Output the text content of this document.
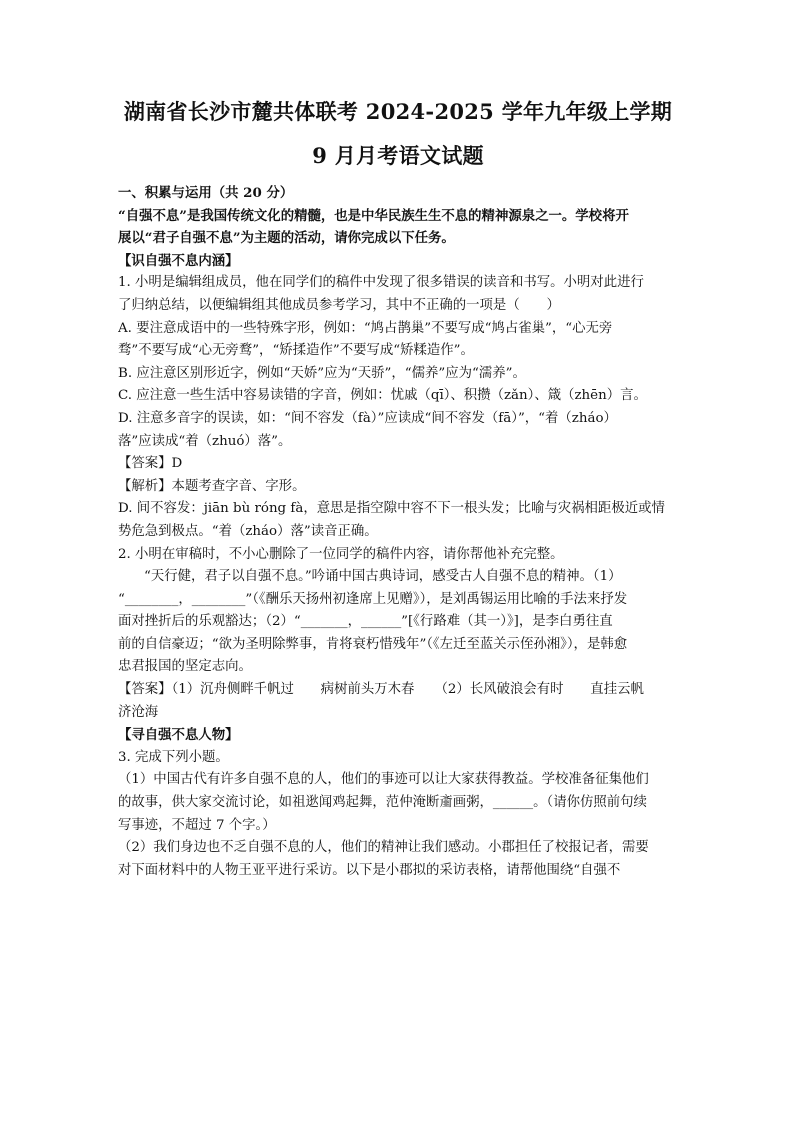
湖南省长沙市麓共体联考 2024-2025 学年九年级上学期
9 月月考语文试题

一、积累与运用（共 20 分）

“自强不息”是我国传统文化的精髓，也是中华民族生生不息的精神源泉之一。学校将开

展以“君子自强不息”为主题的活动，请你完成以下任务。

【识自强不息内涵】

1. 小明是编辑组成员，他在同学们的稿件中发现了很多错误的读音和书写。小明对此进行

了归纳总结，以便编辑组其他成员参考学习，其中不正确的一项是（　　）

A. 要注意成语中的一些特殊字形，例如：“鸠占鹊巢”不要写成“鸠占雀巢”，“心无旁

骛”不要写成“心无旁鹜”，“矫揉造作”不要写成“矫糅造作”。

B. 应注意区别形近字，例如“天娇”应为“天骄”，“儒养”应为“濡养”。

C. 应注意一些生活中容易读错的字音，例如：忧戚（qī）、积攒（zǎn）、箴（zhēn）言。

D. 注意多音字的误读，如：“间不容发（fà）”应读成“间不容发（fā）”，“着（zháo）

落”应读成“着（zhuó）落”。

【答案】D

【解析】本题考查字音、字形。

D. 间不容发：jiān bù róng fà，意思是指空隙中容不下一根头发；比喻与灾祸相距极近或情

势危急到极点。“着（zháo）落”读音正确。

2. 小明在审稿时，不小心删除了一位同学的稿件内容，请你帮他补充完整。

“天行健，君子以自强不息。”吟诵中国古典诗词，感受古人自强不息的精神。（1）

“________，________”（《酬乐天扬州初逢席上见赠》），是刘禹锡运用比喻的手法来抒发

面对挫折后的乐观豁达；（2）“_______，______”[《行路难（其一）》]，是李白勇往直

前的自信豪迈；“欲为圣明除弊事，肯将衰朽惜残年”（《左迁至蓝关示侄孙湘》），是韩愈

忠君报国的坚定志向。

【答案】（1）沉舟侧畔千帆过　　病树前头万木春　　（2）长风破浪会有时　　直挂云帆

济沧海

【寻自强不息人物】

3. 完成下列小题。

（1）中国古代有许多自强不息的人，他们的事迹可以让大家获得教益。学校准备征集他们

的故事，供大家交流讨论，如祖逖闻鸡起舞，范仲淹断齑画粥，______。（请你仿照前句续

写事迹，不超过 7 个字。）

（2）我们身边也不乏自强不息的人，他们的精神让我们感动。小郡担任了校报记者，需要

对下面材料中的人物王亚平进行采访。以下是小郡拟的采访表格，请帮他围绕“自强不
